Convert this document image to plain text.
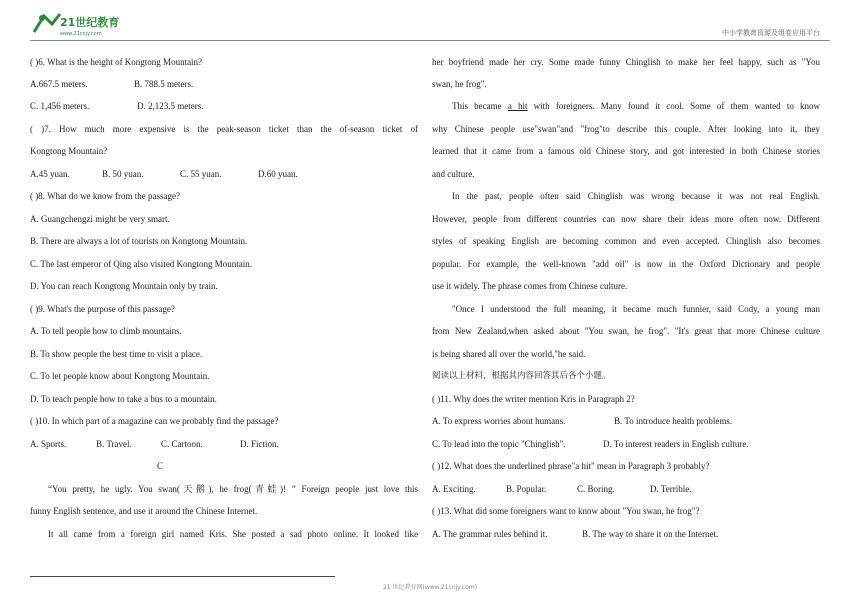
21世纪教育
www.21cnjy.com	中小学教育资源及组卷应用平台
( )6. What is the height of Kongtong Mountain?
A.667.5 meters.	B. 788.5 meters.
C. 1,456 meters.	D. 2,123.5 meters.
( )7. How much more expensive is the peak-season ticket than the of-season ticket of
Kongtong Mountain?
A.45 yuan.	B. 50 yuan.	C. 55 yuan.	D.60 yuan.
( )8. What do we know from the passage?
A. Guangchengzi might be very smart.
B. There are always a lot of tourists on Kongtong Mountain.
C. The last emperor of Qing also visited Kongtong Mountain.
D. You can reach Kongtong Mountain only by train.
( )9. What's the purpose of this passage?
A. To tell people how to climb mountains.
B. To show people the best time to visit a place.
C. To let people know about Kongtong Mountain.
D. To teach people how to take a bus to a mountain.
( )10. In which part of a magazine can we probably find the passage?
A. Sports.	B. Travel.	C. Cartoon.	D. Fiction.
C
“You pretty, he ugly. You swan(天鹅), he frog(青蛙)! ” Foreign people just love this
funny English sentence, and use it around the Chinese Internet.
It all came from a foreign girl named Kris. She posted a sad photo online. It looked like
her boyfriend made her cry. Some made funny Chinglish to make her feel happy, such as "You
swan, he frog".
This became a hit with foreigners. Many found it cool. Some of them wanted to know
why Chinese people use"swan"and "frog"to describe this couple. After looking into it, they
learned that it came from a famous old Chinese story, and got interested in both Chinese stories
and culture.
In the past, people often said Chinglish was wrong because it was not real English.
However, people from different countries can now share their ideas more often now. Different
styles of speaking English are becoming common and even accepted. Chinglish also becomes
popular. For example, the well-known "add oil" is now in the Oxford Dictionary and people
use it widely. The phrase comes from Chinese culture.
"Once I understood the full meaning, it became much funnier, said Cody, a young man
from New Zealand,when asked about "You swan, he frog". "It's great that more Chinese culture
is being shared all over the world,"he said.
阅读以上材料，根据其内容回答其后各个小题。
( )11. Why does the writer mention Kris in Paragraph 2?
A. To express worries about humans.	B. To introduce health problems.
C. To lead into the topic "Chinglish".	D. To interest readers in English culture.
( )12. What does the underlined phrase"a hit" mean in Paragraph 3 probably?
A. Exciting.	B. Popular.	C. Boring.	D. Terrible.
( )13. What did some foreigners want to know about "You swan, he frog"?
A. The grammar rules behind it.	B. The way to share it on the Internet.
21 世纪教育网(www.21cnjy.com)
